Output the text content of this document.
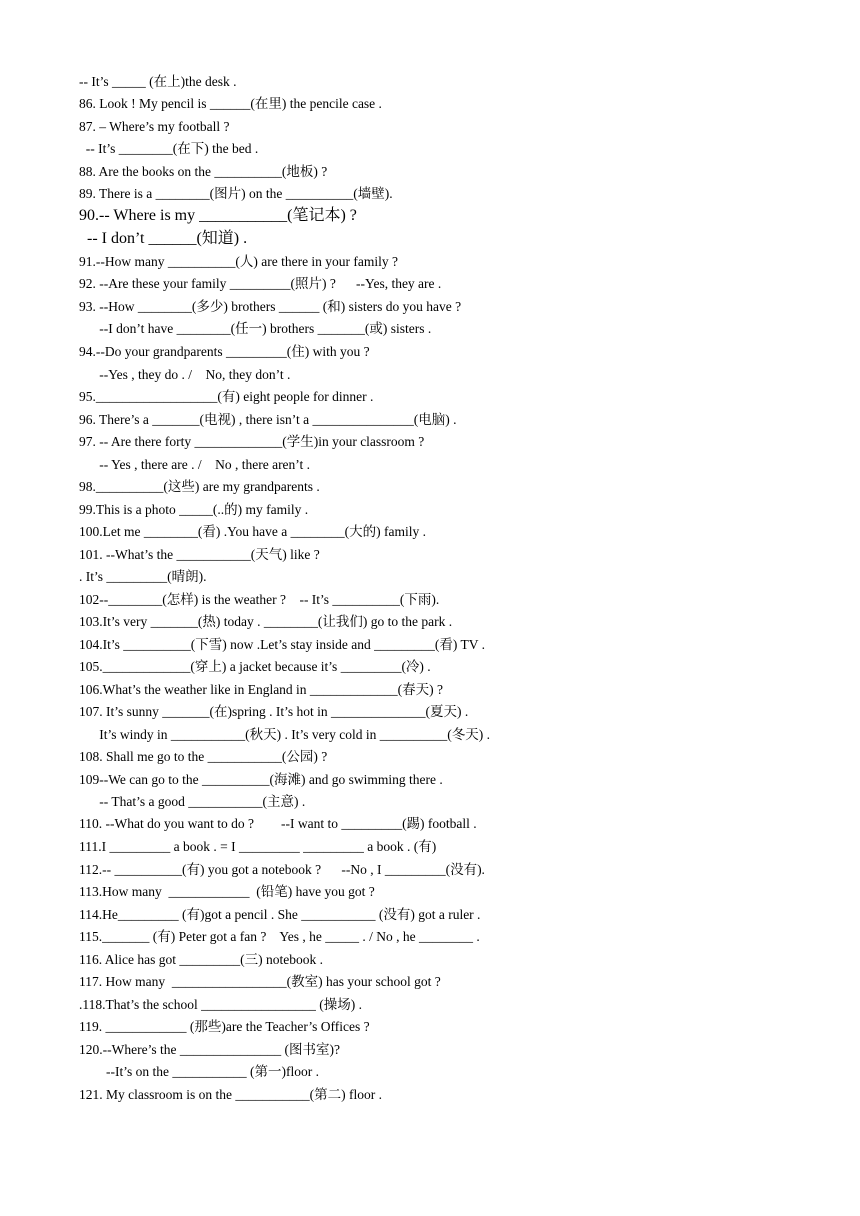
-- It’s _____ (在上)the desk .
86. Look ! My pencil is ______(在里) the pencile case .
87. – Where’s my football ?
-- It’s ________(在下) the bed .
88. Are the books on the __________(地板) ?
89. There is a ________(图片) on the __________(墙壁).
90.-- Where is my ___________(笔记本) ?
-- I don’t ______(知道) .
91.--How many __________(人) are there in your family ?
92. --Are these your family _________(照片) ?      --Yes, they are .
93. --How ________(多少) brothers ______ (和) sisters do you have ?
--I don’t have ________(任一) brothers _______(或) sisters .
94.--Do your grandparents _________(住) with you ?
--Yes , they do . /    No, they don’t .
95.__________________(有) eight people for dinner .
96. There’s a _______(电视) , there isn’t a _______________(电脑) .
97. -- Are there forty _____________(学生)in your classroom ?
-- Yes , there are . /    No , there aren’t .
98.__________(这些) are my grandparents .
99.This is a photo _____(..的) my family .
100.Let me ________(看) .You have a ________(大的) family .
101. --What’s the ___________(天气) like ?
. It’s _________(晴朗).
102--________(怎样) is the weather ?    -- It’s __________(下雨).
103.It’s very _______(热) today . ________(让我们) go to the park .
104.It’s __________(下雪) now .Let’s stay inside and _________(看) TV .
105._____________(穿上) a jacket because it’s _________(冷) .
106.What’s the weather like in England in _____________(春天) ?
107. It’s sunny _______(在)spring . It’s hot in ______________(夏天) .
It’s windy in ___________(秋天) . It’s very cold in __________(冬天) .
108. Shall me go to the ___________(公园) ?
109--We can go to the __________(海滩) and go swimming there .
-- That’s a good ___________(主意) .
110. --What do you want to do ?        --I want to _________(踢) football .
111.I _________ a book . = I _________ _________ a book . (有)
112.-- __________(有) you got a notebook ?      --No , I _________(没有).
113.How many  ____________  (铅笔) have you got ?
114.He_________ (有)got a pencil . She ___________ (没有) got a ruler .
115._______ (有) Peter got a fan ?    Yes , he _____ . / No , he ________ .
116. Alice has got _________(三) notebook .
117. How many  _________________(教室) has your school got ?
.118.That’s the school _________________ (操场) .
119. ____________ (那些)are the Teacher’s Offices ?
120.--Where’s the _______________ (图书室)?
--It’s on the ___________ (第一)floor .
121. My classroom is on the ___________(第二) floor .
